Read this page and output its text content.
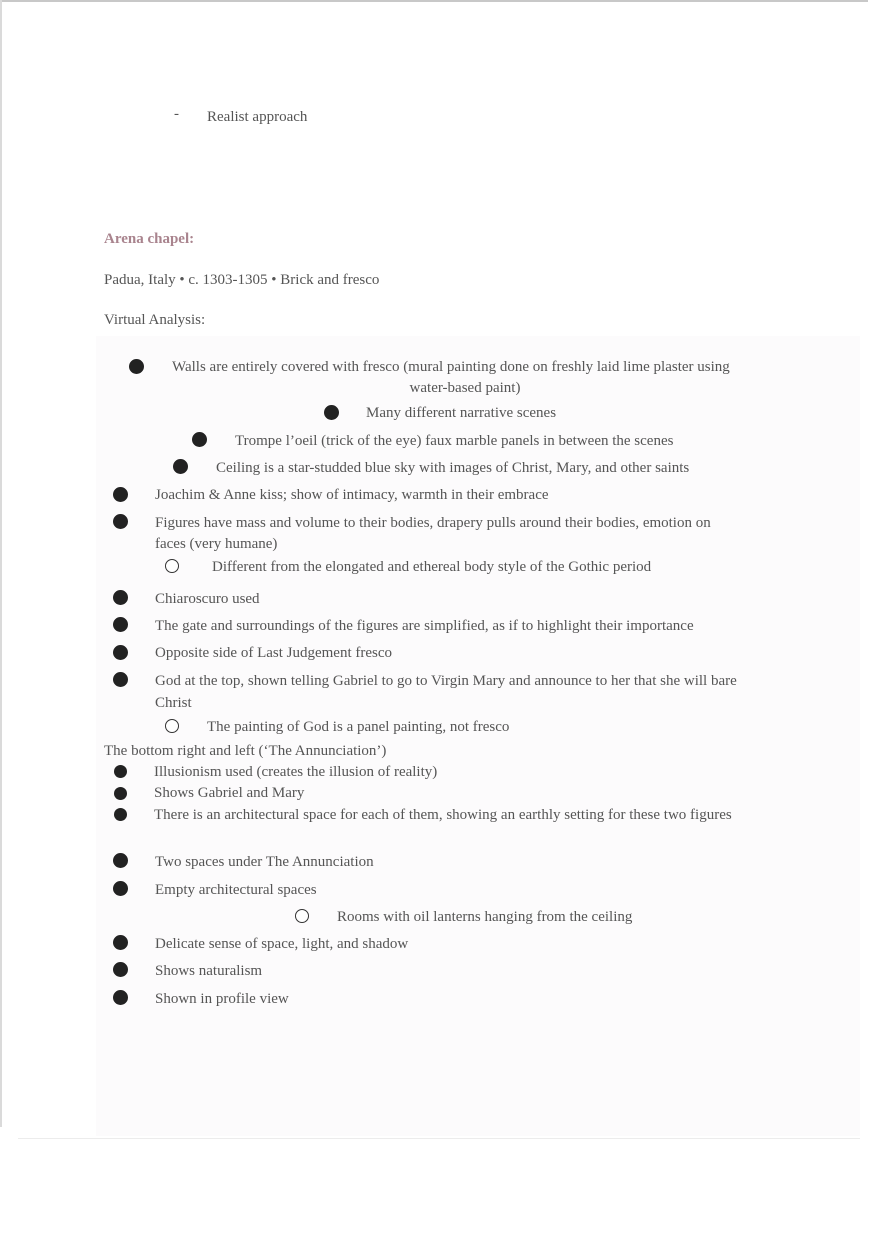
- Realist approach
Arena chapel:
Padua, Italy • c. 1303-1305 • Brick and fresco
Virtual Analysis:
Walls are entirely covered with fresco (mural painting done on freshly laid lime plaster using
water-based paint)
Many different narrative scenes
Trompe l’oeil (trick of the eye) faux marble panels in between the scenes
Ceiling is a star-studded blue sky with images of Christ, Mary, and other saints
Joachim & Anne kiss; show of intimacy, warmth in their embrace
Figures have mass and volume to their bodies, drapery pulls around their bodies, emotion on
faces (very humane)
Different from the elongated and ethereal body style of the Gothic period
Chiaroscuro used
The gate and surroundings of the figures are simplified, as if to highlight their importance
Opposite side of Last Judgement fresco
God at the top, shown telling Gabriel to go to Virgin Mary and announce to her that she will bare
Christ
The painting of God is a panel painting, not fresco
The bottom right and left (‘The Annunciation’)
Illusionism used (creates the illusion of reality)
Shows Gabriel and Mary
There is an architectural space for each of them, showing an earthly setting for these two figures
Two spaces under The Annunciation
Empty architectural spaces
Rooms with oil lanterns hanging from the ceiling
Delicate sense of space, light, and shadow
Shows naturalism
Shown in profile view
